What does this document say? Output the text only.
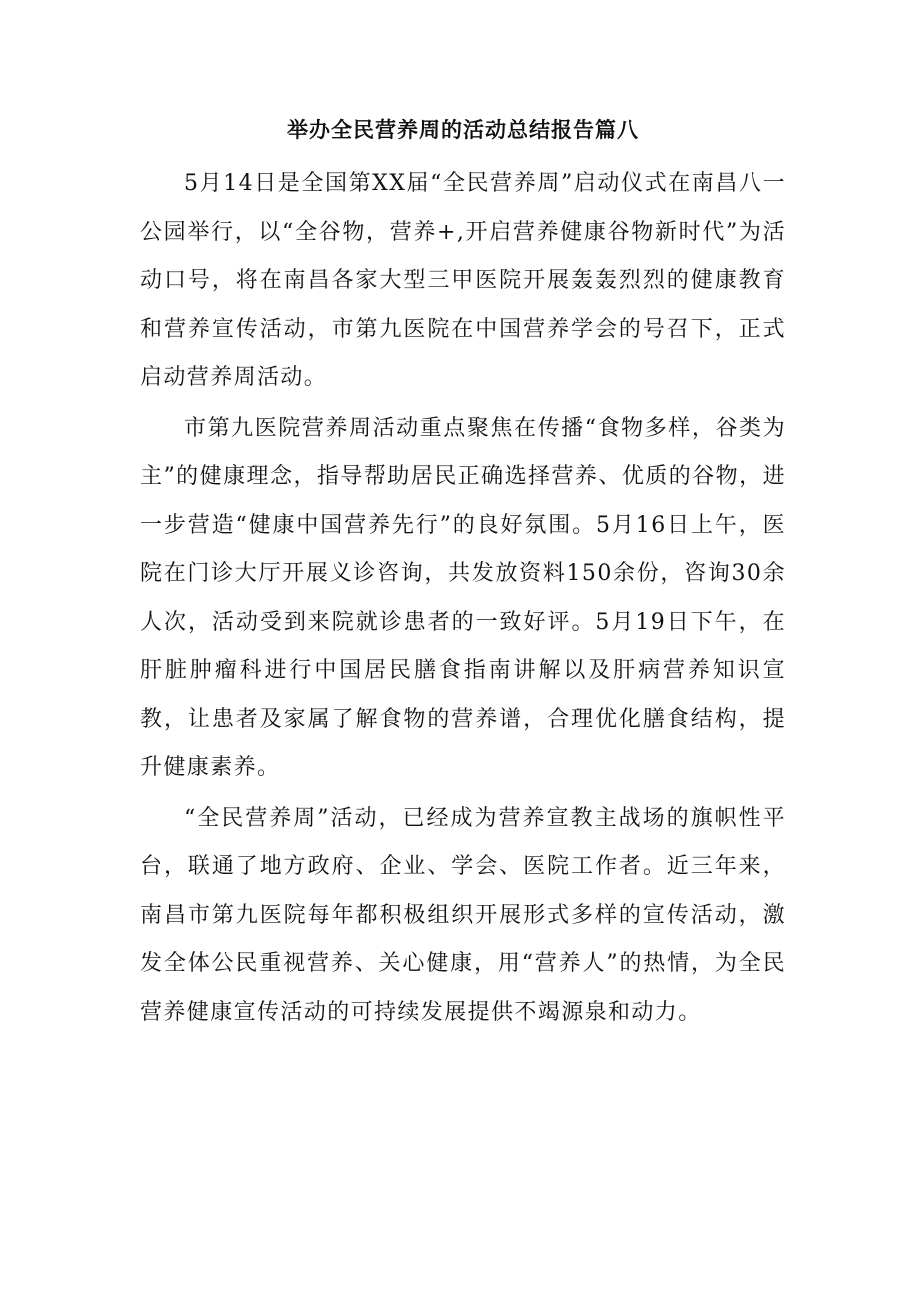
举办全民营养周的活动总结报告篇八

5月14日是全国第XX届“全民营养周”启动仪式在南昌八一公园举行，以“全谷物，营养+,开启营养健康谷物新时代”为活动口号，将在南昌各家大型三甲医院开展轰轰烈烈的健康教育和营养宣传活动，市第九医院在中国营养学会的号召下，正式启动营养周活动。

市第九医院营养周活动重点聚焦在传播“食物多样，谷类为主”的健康理念，指导帮助居民正确选择营养、优质的谷物，进一步营造“健康中国营养先行”的良好氛围。5月16日上午，医院在门诊大厅开展义诊咨询，共发放资料150余份，咨询30余人次，活动受到来院就诊患者的一致好评。5月19日下午，在肝脏肿瘤科进行中国居民膳食指南讲解以及肝病营养知识宣教，让患者及家属了解食物的营养谱，合理优化膳食结构，提升健康素养。

“全民营养周”活动，已经成为营养宣教主战场的旗帜性平台，联通了地方政府、企业、学会、医院工作者。近三年来，南昌市第九医院每年都积极组织开展形式多样的宣传活动，激发全体公民重视营养、关心健康，用“营养人”的热情，为全民营养健康宣传活动的可持续发展提供不竭源泉和动力。
